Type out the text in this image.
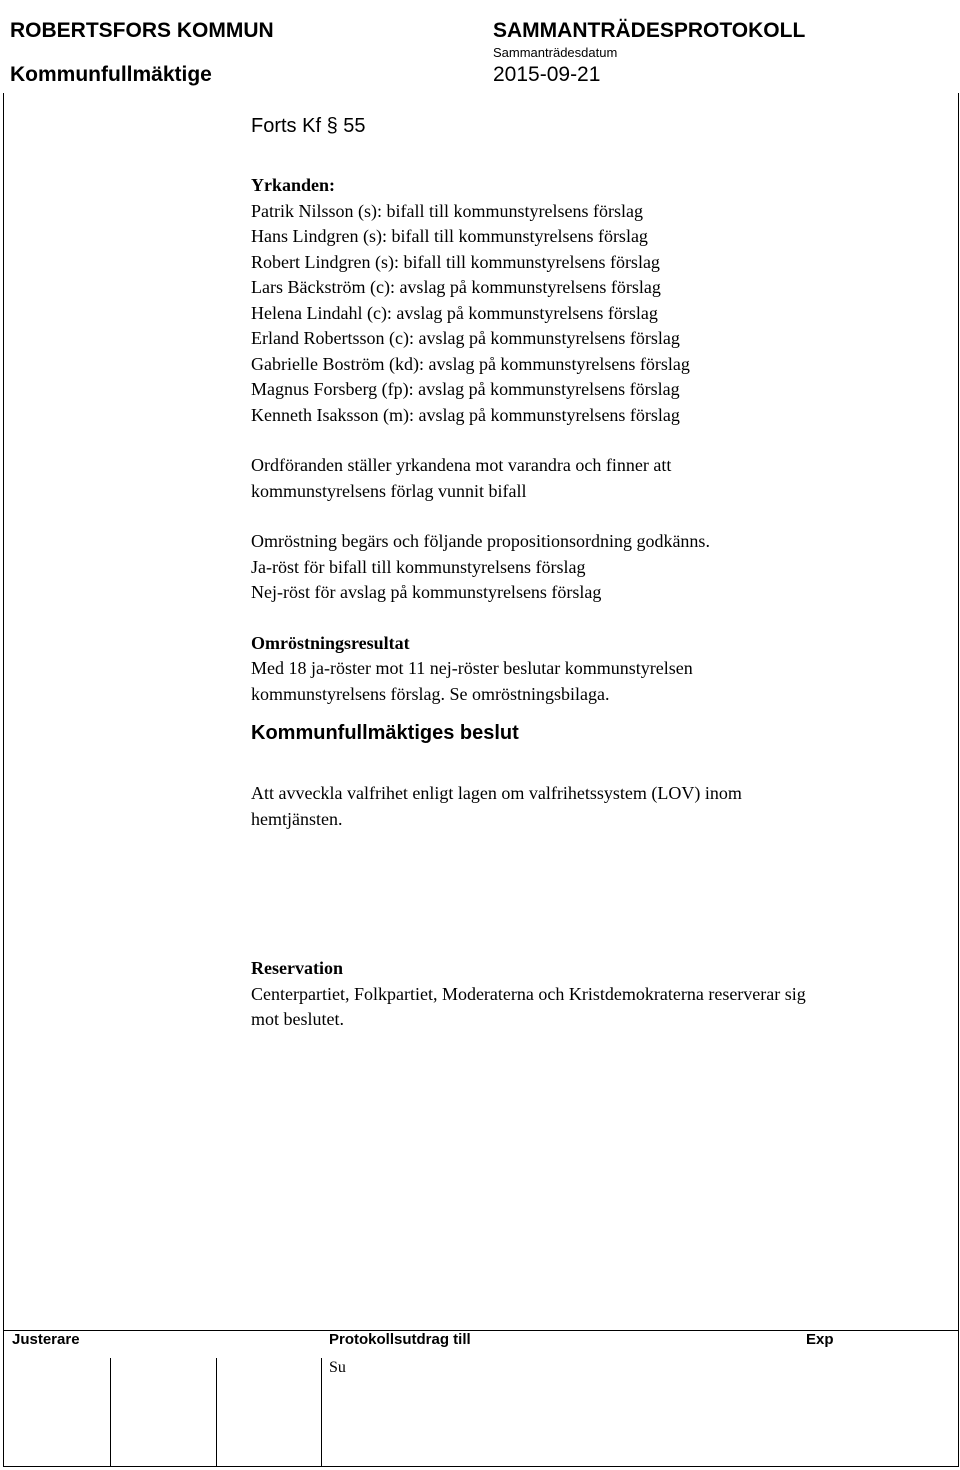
ROBERTSFORS KOMMUN
Kommunfullmäktige
SAMMANTRÄDESPROTOKOLL
Sammanträdesdatum
2015-09-21
Forts Kf § 55
Yrkanden:
Patrik Nilsson (s): bifall till kommunstyrelsens förslag
Hans Lindgren (s): bifall till kommunstyrelsens förslag
Robert Lindgren (s): bifall till kommunstyrelsens förslag
Lars Bäckström (c): avslag på kommunstyrelsens förslag
Helena Lindahl (c): avslag på kommunstyrelsens förslag
Erland Robertsson (c): avslag på kommunstyrelsens förslag
Gabrielle Boström (kd): avslag på kommunstyrelsens förslag
Magnus Forsberg (fp): avslag på kommunstyrelsens förslag
Kenneth Isaksson (m): avslag på kommunstyrelsens förslag
Ordföranden ställer yrkandena mot varandra och finner att
kommunstyrelsens förlag vunnit bifall
Omröstning begärs och följande propositionsordning godkänns.
Ja-röst för bifall till kommunstyrelsens förslag
Nej-röst för avslag på kommunstyrelsens förslag
Omröstningsresultat
Med 18 ja-röster mot 11 nej-röster beslutar kommunstyrelsen
kommunstyrelsens förslag. Se omröstningsbilaga.
Kommunfullmäktiges beslut
Att avveckla valfrihet enligt lagen om valfrihetssystem (LOV) inom
hemtjänsten.
Reservation
Centerpartiet, Folkpartiet, Moderaterna och Kristdemokraterna reserverar sig
mot beslutet.
Justerare	Protokollsutdrag till	Exp
Su
